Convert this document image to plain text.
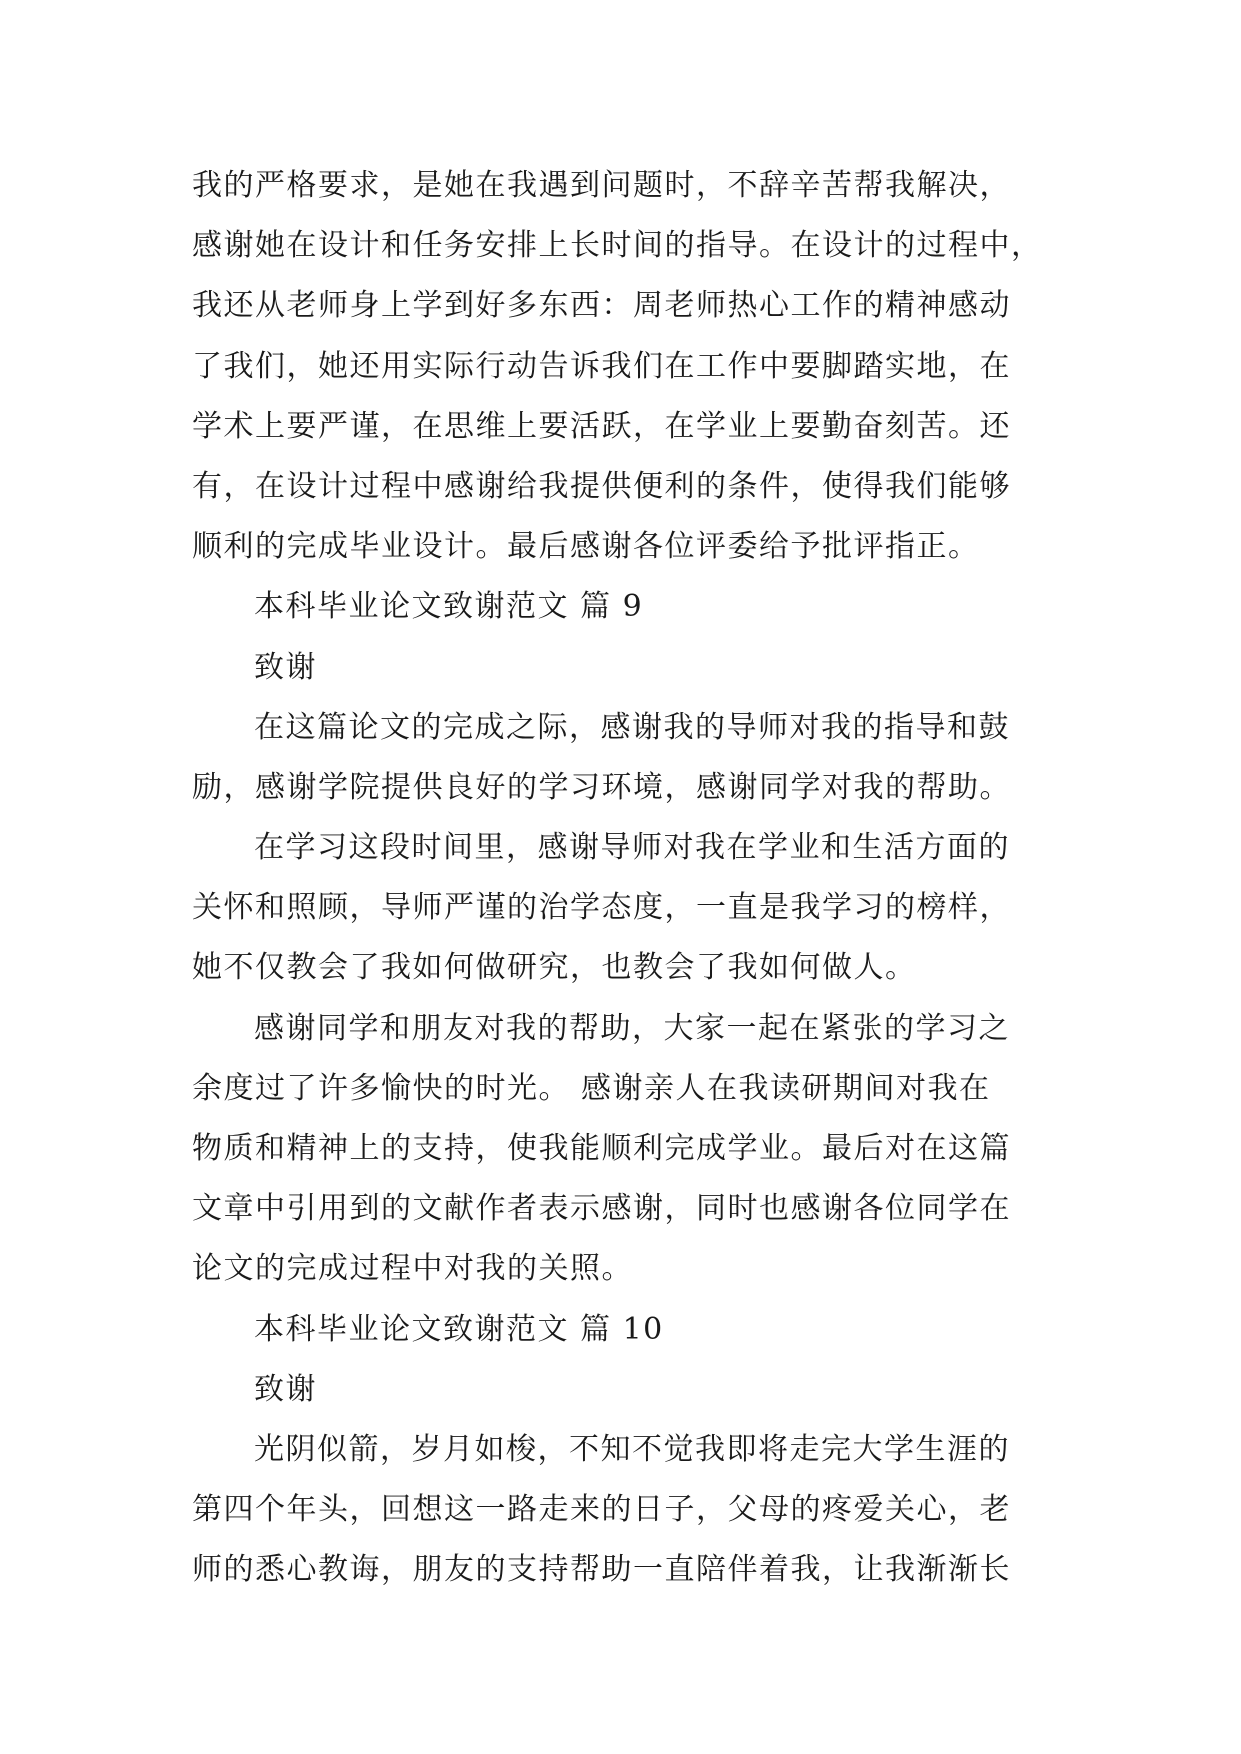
我的严格要求，是她在我遇到问题时，不辞辛苦帮我解决，
感谢她在设计和任务安排上长时间的指导。在设计的过程中，
我还从老师身上学到好多东西：周老师热心工作的精神感动
了我们，她还用实际行动告诉我们在工作中要脚踏实地，在
学术上要严谨，在思维上要活跃，在学业上要勤奋刻苦。还
有，在设计过程中感谢给我提供便利的条件，使得我们能够
顺利的完成毕业设计。最后感谢各位评委给予批评指正。
本科毕业论文致谢范文 篇 9
致谢
在这篇论文的完成之际，感谢我的导师对我的指导和鼓
励，感谢学院提供良好的学习环境，感谢同学对我的帮助。
在学习这段时间里，感谢导师对我在学业和生活方面的
关怀和照顾，导师严谨的治学态度，一直是我学习的榜样，
她不仅教会了我如何做研究，也教会了我如何做人。
感谢同学和朋友对我的帮助，大家一起在紧张的学习之
余度过了许多愉快的时光。 感谢亲人在我读研期间对我在
物质和精神上的支持，使我能顺利完成学业。最后对在这篇
文章中引用到的文献作者表示感谢，同时也感谢各位同学在
论文的完成过程中对我的关照。
本科毕业论文致谢范文 篇 10
致谢
光阴似箭，岁月如梭，不知不觉我即将走完大学生涯的
第四个年头，回想这一路走来的日子，父母的疼爱关心，老
师的悉心教诲，朋友的支持帮助一直陪伴着我，让我渐渐长
